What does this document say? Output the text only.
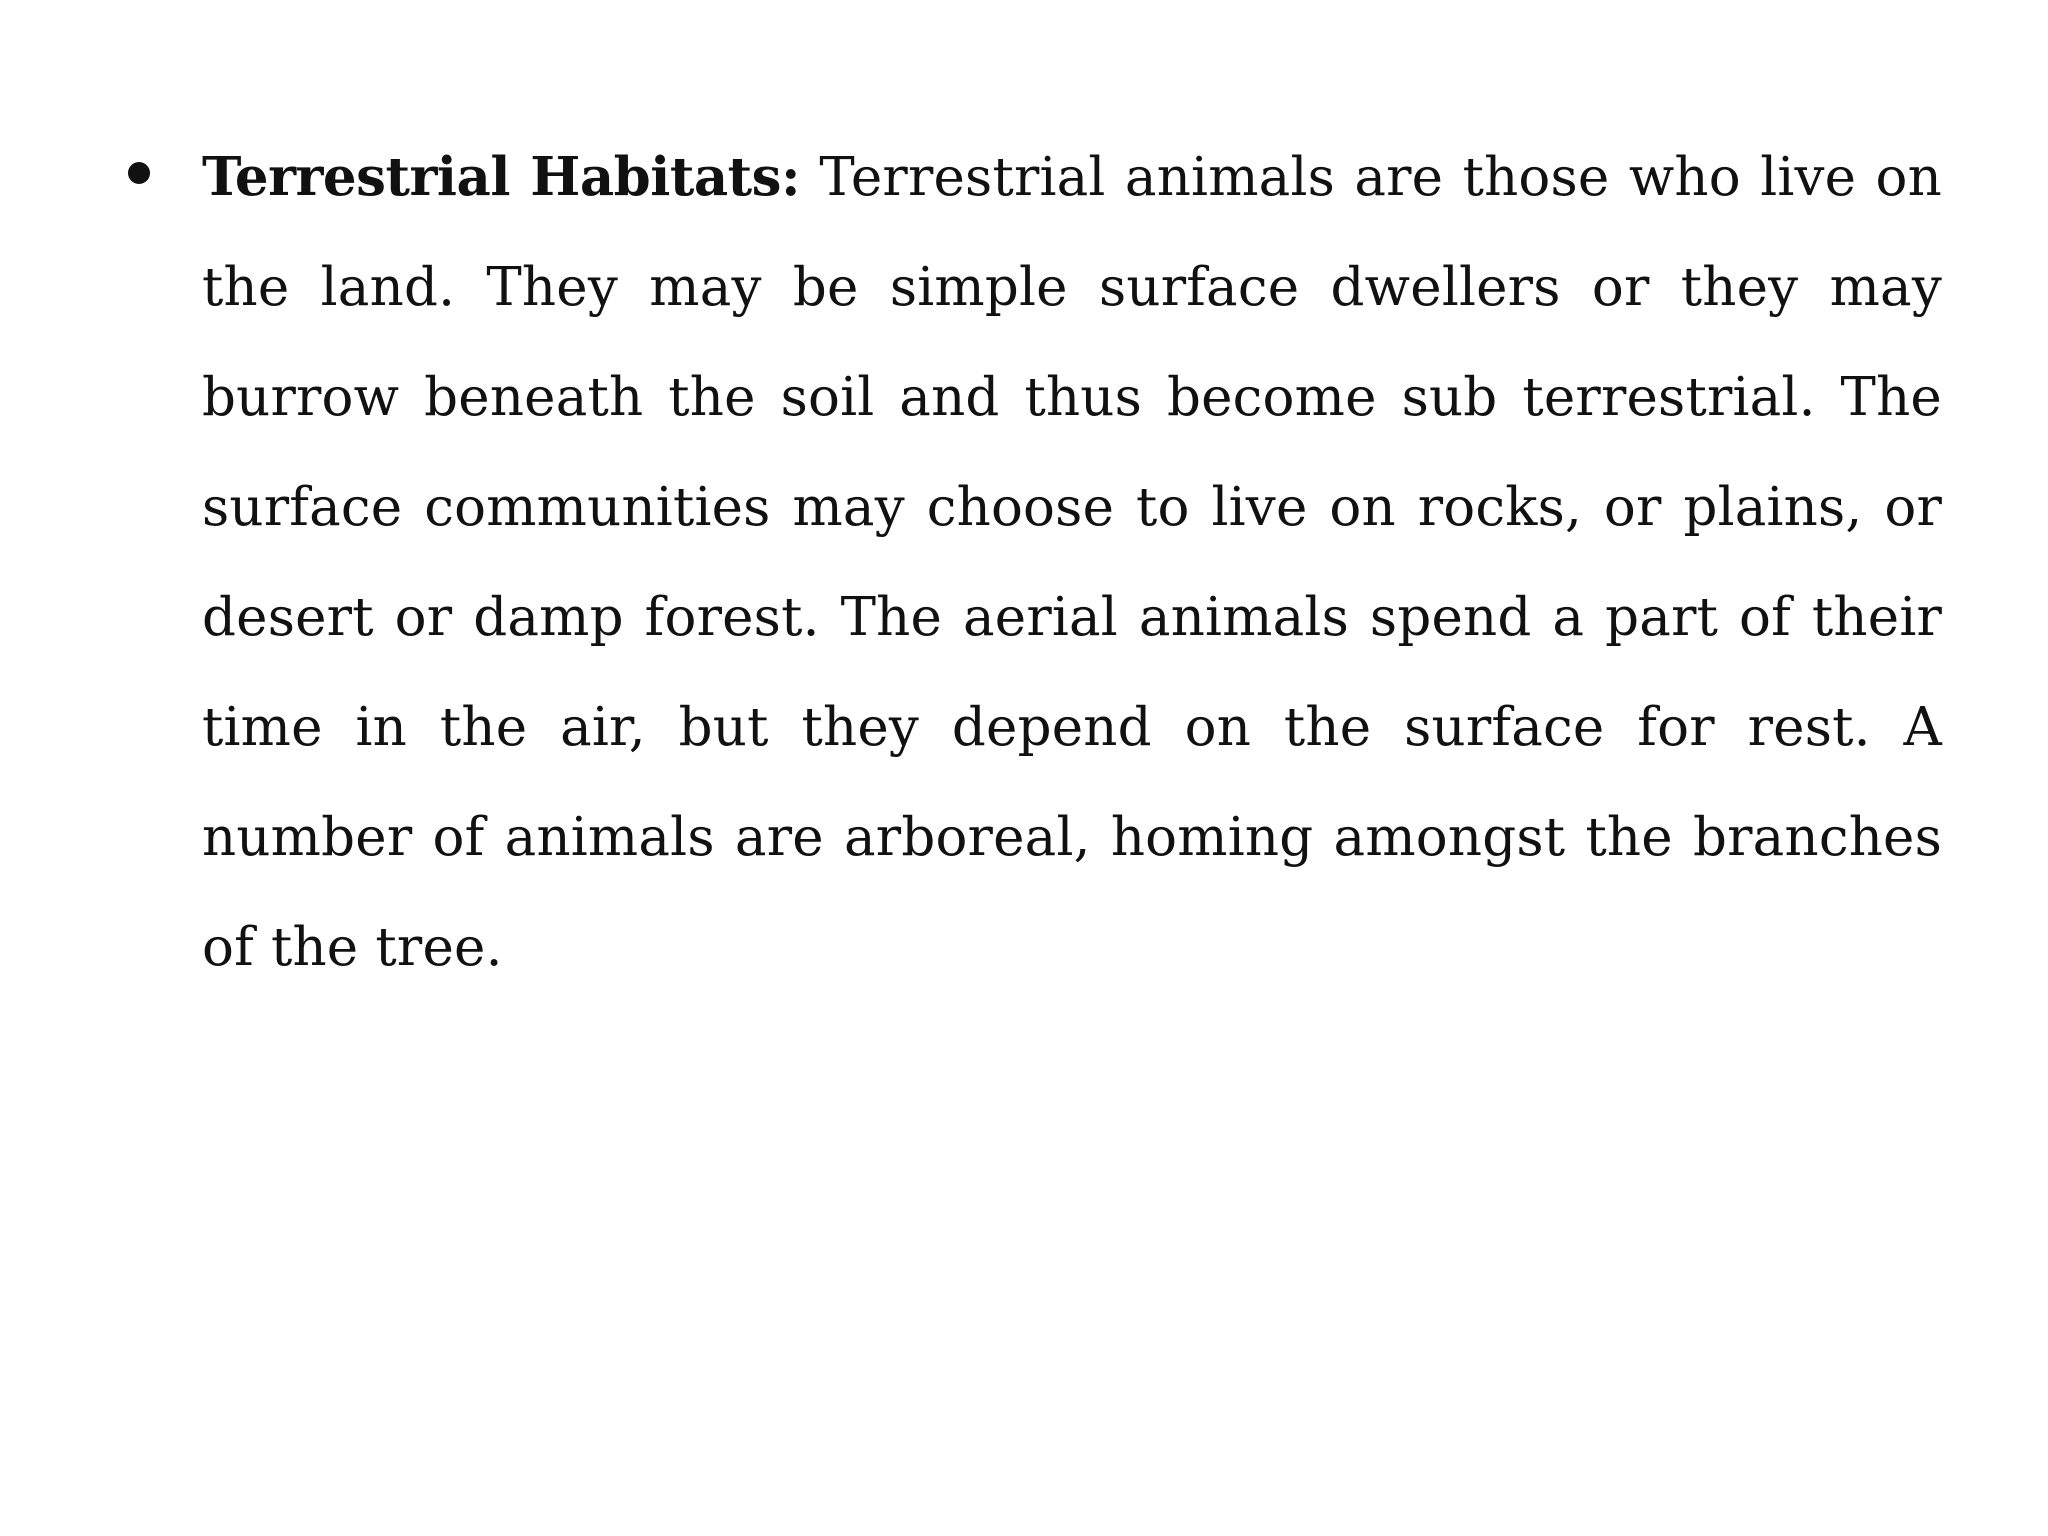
Terrestrial Habitats: Terrestrial animals are those who live on the land. They may be simple surface dwellers or they may burrow beneath the soil and thus become sub terrestrial. The surface communities may choose to live on rocks, or plains, or desert or damp forest. The aerial animals spend a part of their time in the air, but they depend on the surface for rest. A number of animals are arboreal, homing amongst the branches of the tree.
